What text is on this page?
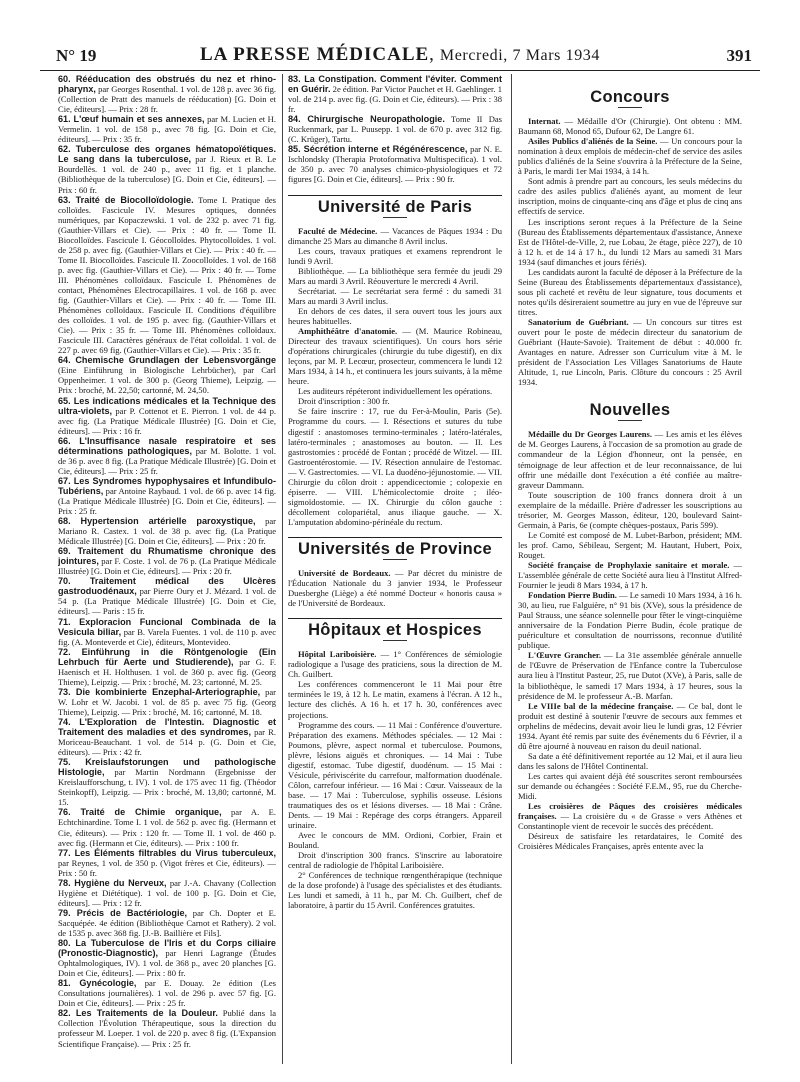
N° 19	LA PRESSE MÉDICALE, Mercredi, 7 Mars 1934	391

60. Rééducation des obstrués du nez et rhino-pharynx, par Georges Rosenthal. 1 vol. de 128 p. avec 36 fig. (Collection de Pratt des manuels de rééducation) [G. Doin et Cie, éditeurs]. — Prix : 28 fr.

61. L'œuf humain et ses annexes, par M. Lucien et H. Vermelin. 1 vol. de 158 p., avec 78 fig. [G. Doin et Cie, éditeurs]. — Prix : 35 fr.

62. Tuberculose des organes hématopoïétiques. Le sang dans la tuberculose, par J. Rieux et B. Le Bourdellès. 1 vol. de 240 p., avec 11 fig. et 1 planche. (Bibliothèque de la tuberculose) [G. Doin et Cie, éditeurs]. — Prix : 60 fr.

63. Traité de Biocolloïdologie. Tome I. Pratique des colloïdes. Fascicule IV. Mesures optiques, données numériques, par Kopaczewski. 1 vol. de 232 p. avec 71 fig. (Gauthier-Villars et Cie). — Prix : 40 fr. — Tome II. Biocolloïdes. Fascicule I. Géocolloïdes. Phytocolloïdes. 1 vol. de 258 p. avec fig. (Gauthier-Villars et Cie). — Prix : 40 fr. — Tome II. Biocolloïdes. Fascicule II. Zoocolloïdes. 1 vol. de 168 p. avec fig. (Gauthier-Villars et Cie). — Prix : 40 fr. — Tome III. Phénomènes colloïdaux. Fascicule I. Phénomènes de contact, Phénomènes Electrocapillaires. 1 vol. de 168 p. avec fig. (Gauthier-Villars et Cie). — Prix : 40 fr. — Tome III. Phénomènes colloïdaux. Fascicule II. Conditions d'équilibre des colloïdes. 1 vol. de 195 p. avec fig. (Gauthier-Villars et Cie). — Prix : 35 fr. — Tome III. Phénomènes colloïdaux. Fascicule III. Caractères généraux de l'état colloïdal. 1 vol. de 227 p. avec 69 fig. (Gauthier-Villars et Cie). — Prix : 35 fr.

64. Chemische Grundlagen der Lebensvorgänge (Eine Einführung in Biologische Lehrbücher), par Carl Oppenheimer. 1 vol. de 300 p. (Georg Thieme), Leipzig. — Prix : broché, M. 22,50; cartonné, M. 24,50.

65. Les indications médicales et la Technique des ultra-violets, par P. Cottenot et E. Pierron. 1 vol. de 44 p. avec fig. (La Pratique Médicale Illustrée) [G. Doin et Cie, éditeurs]. — Prix : 16 fr.

66. L'Insuffisance nasale respiratoire et ses déterminations pathologiques, par M. Bolotte. 1 vol. de 36 p. avec 8 fig. (La Pratique Médicale Illustrée) [G. Doin et Cie, éditeurs]. — Prix : 25 fr.

67. Les Syndromes hypophysaires et Infundibulo-Tubériens, par Antoine Raybaud. 1 vol. de 66 p. avec 14 fig. (La Pratique Médicale Illustrée) [G. Doin et Cie, éditeurs]. — Prix : 25 fr.

68. Hypertension artérielle paroxystique, par Mariano R. Castex. 1 vol. de 38 p. avec fig. (La Pratique Médicale Illustrée) [G. Doin et Cie, éditeurs]. — Prix : 20 fr.

69. Traitement du Rhumatisme chronique des jointures, par F. Coste. 1 vol. de 76 p. (La Pratique Médicale Illustrée) [G. Doin et Cie, éditeurs]. — Prix : 20 fr.

70. Traitement médical des Ulcères gastroduodénaux, par Pierre Oury et J. Mézard. 1 vol. de 54 p. (La Pratique Médicale Illustrée) [G. Doin et Cie, éditeurs]. — Paris : 15 fr.

71. Exploracion Funcional Combinada de la Vesicula biliar, par B. Varela Fuentes. 1 vol. de 110 p. avec fig. (A. Monteverde et Cie), éditeurs, Montevideo.

72. Einführung in die Röntgenologie (Ein Lehrbuch für Aerte und Studierende), par G. F. Haenisch et H. Holthusen. 1 vol. de 360 p. avec fig. (Georg Thieme), Leipzig. — Prix : broché, M. 23; cartonné, M. 25.

73. Die kombinierte Enzephal-Arteriographie, par W. Lohr et W. Jacobi. 1 vol. de 85 p. avec 75 fig. (Georg Thieme), Leipzig. — Prix : broché, M. 16; cartonné, M. 18.

74. L'Exploration de l'Intestin. Diagnostic et Traitement des maladies et des syndromes, par R. Moriceau-Beauchant. 1 vol. de 514 p. (G. Doin et Cie, éditeurs). — Prix : 42 fr.

75. Kreislaufstorungen und pathologische Histologie, par Martin Nordmann (Ergebnisse der Kreislaufforschung, t. IV). 1 vol. de 175 avec 11 fig. (Théodor Steinkopff), Leipzig. — Prix : broché, M. 13,80; cartonné, M. 15.

76. Traité de Chimie organique, par A. E. Echtchinardine. Tome I. 1 vol. de 562 p. avec fig. (Hermann et Cie, éditeurs). — Prix : 120 fr. — Tome II. 1 vol. de 460 p. avec fig. (Hermann et Cie, éditeurs). — Prix : 100 fr.

77. Les Éléments filtrables du Virus tuberculeux, par Reynes, 1 vol. de 350 p. (Vigot frères et Cie, éditeurs). — Prix : 50 fr.

78. Hygiène du Nerveux, par J.-A. Chavany (Collection Hygiène et Diététique). 1 vol. de 100 p. [G. Doin et Cie, éditeurs]. — Prix : 12 fr.

79. Précis de Bactériologie, par Ch. Dopter et E. Sacquépée. 4e édition (Bibliothèque Carnot et Rathery). 2 vol. de 1535 p. avec 368 fig. [J.-B. Baillière et Fils].

80. La Tuberculose de l'Iris et du Corps ciliaire (Pronostic-Diagnostic), par Henri Lagrange (Études Ophtalmologiques, IV). 1 vol. de 368 p., avec 20 planches [G. Doin et Cie, éditeurs]. — Prix : 80 fr.

81. Gynécologie, par E. Douay. 2e édition (Les Consultations journalières). 1 vol. de 296 p. avec 57 fig. [G. Doin et Cie, éditeurs]. — Prix : 25 fr.

82. Les Traitements de la Douleur. Publié dans la Collection l'Évolution Thérapeutique, sous la direction du professeur M. Loeper. 1 vol. de 220 p. avec 8 fig. (L'Expansion Scientifique Française). — Prix : 25 fr.

83. La Constipation. Comment l'éviter. Comment en Guérir. 2e édition. Par Victor Pauchet et H. Gaehlinger. 1 vol. de 214 p. avec fig. (G. Doin et Cie, éditeurs). — Prix : 38 fr.

84. Chirurgische Neuropathologie. Tome II Das Ruckenmark, par L. Puusepp. 1 vol. de 670 p. avec 312 fig. (C. Krüger), Tartu.

85. Sécrétion interne et Régénérescence, par N. E. Ischlondsky (Therapia Protoformativa Multispecifica). 1 vol. de 350 p. avec 70 analyses chimico-physiologiques et 72 figures [G. Doin et Cie, éditeurs]. — Prix : 90 fr.

Université de Paris

Faculté de Médecine. — Vacances de Pâques 1934 : Du dimanche 25 Mars au dimanche 8 Avril inclus.

Les cours, travaux pratiques et examens reprendront le lundi 9 Avril.

Bibliothèque. — La bibliothèque sera fermée du jeudi 29 Mars au mardi 3 Avril. Réouverture le mercredi 4 Avril.

Secrétariat. — Le secrétariat sera fermé : du samedi 31 Mars au mardi 3 Avril inclus.

En dehors de ces dates, il sera ouvert tous les jours aux heures habituelles.

Amphithéâtre d'anatomie. — (M. Maurice Robineau, Directeur des travaux scientifiques). Un cours hors série d'opérations chirurgicales (chirurgie du tube digestif), en dix leçons, par M. P. Lecœur, prosecteur, commencera le lundi 12 Mars 1934, à 14 h., et continuera les jours suivants, à la même heure.

Les auditeurs répéteront individuellement les opérations.

Droit d'inscription : 300 fr.

Se faire inscrire : 17, rue du Fer-à-Moulin, Paris (5e). Programme du cours. — I. Résections et sutures du tube digestif : anastomoses termino-terminales ; latéro-latérales, latéro-terminales ; anastomoses au bouton. — II. Les gastrostomies : procédé de Fontan ; procédé de Witzel. — III. Gastroentérostomie. — IV. Résection annulaire de l'estomac. — V. Gastrectomies. — VI. La duodéno-jéjunostomie. — VII. Chirurgie du côlon droit : appendicectomie ; colopexie en épiserre. — VIII. L'hémicolectomie droite ; iléo-sigmoïdostomie. — IX. Chirurgie du côlon gauche : décollement colopariétal, anus iliaque gauche. — X. L'amputation abdomino-périnéale du rectum.

Universités de Province

Université de Bordeaux. — Par décret du ministre de l'Éducation Nationale du 3 janvier 1934, le Professeur Duesberghe (Liège) a été nommé Docteur « honoris causa » de l'Université de Bordeaux.

Hôpitaux et Hospices

Hôpital Lariboisière. — 1° Conférences de sémiologie radiologique a l'usage des praticiens, sous la direction de M. Ch. Guilbert.

Les conférences commenceront le 11 Mai pour être terminées le 19, à 12 h. Le matin, examens à l'écran. A 12 h., lecture des clichés. A 16 h. et 17 h. 30, conférences avec projections.

Programme des cours. — 11 Mai : Conférence d'ouverture. Préparation des examens. Méthodes spéciales. — 12 Mai : Poumons, plèvre, aspect normal et tuberculose. Poumons, plèvre, lésions aiguës et chroniques. — 14 Mai : Tube digestif, estomac. Tube digestif, duodénum. — 15 Mai : Vésicule, périviscérite du carrefour, malformation duodénale. Côlon, carrefour inférieur. — 16 Mai : Cœur. Vaisseaux de la base. — 17 Mai : Tuberculose, syphilis osseuse. Lésions traumatiques des os et lésions diverses. — 18 Mai : Crâne. Dents. — 19 Mai : Repérage des corps étrangers. Appareil urinaire.

Avec le concours de MM. Ordioni, Corbier, Frain et Bouland.

Droit d'inscription 300 francs. S'inscrire au laboratoire central de radiologie de l'hôpital Lariboisière.

2° Conférences de technique rœngenthérapique (technique de la dose profonde) à l'usage des spécialistes et des étudiants. Les lundi et samedi, à 11 h., par M. Ch. Guilbert, chef de laboratoire, à partir du 15 Avril. Conférences gratuites.

Concours

Internat. — Médaille d'Or (Chirurgie). Ont obtenu : MM. Baumann 68, Monod 65, Dufour 62, De Langre 61.

Asiles Publics d'aliénés de la Seine. — Un concours pour la nomination à deux emplois de médecin-chef de service des asiles publics d'aliénés de la Seine s'ouvrira à la Préfecture de la Seine, à Paris, le mardi 1er Mai 1934, à 14 h.

Sont admis à prendre part au concours, les seuls médecins du cadre des asiles publics d'aliénés ayant, au moment de leur inscription, moins de cinquante-cinq ans d'âge et plus de cinq ans effectifs de service.

Les inscriptions seront reçues à la Préfecture de la Seine (Bureau des Établissements départementaux d'assistance, Annexe Est de l'Hôtel-de-Ville, 2, rue Lobau, 2e étage, pièce 227), de 10 à 12 h. et de 14 à 17 h., du lundi 12 Mars au samedi 31 Mars 1934 (sauf dimanches et jours fériés).

Les candidats auront la faculté de déposer à la Préfecture de la Seine (Bureau des Établissements départementaux d'assistance), sous pli cacheté et revêtu de leur signature, tous documents et notes qu'ils désireraient soumettre au jury en vue de l'épreuve sur titres.

Sanatorium de Guébriant. — Un concours sur titres est ouvert pour le poste de médecin directeur du sanatorium de Guébriant (Haute-Savoie). Traitement de début : 40.000 fr. Avantages en nature. Adresser son Curriculum vitæ à M. le président de l'Association Les Villages Sanatoriums de Haute Altitude, 1, rue Lincoln, Paris. Clôture du concours : 25 Avril 1934.

Nouvelles

Médaille du Dr Georges Laurens. — Les amis et les élèves de M. Georges Laurens, à l'occasion de sa promotion au grade de commandeur de la Légion d'honneur, ont la pensée, en témoignage de leur affection et de leur reconnaissance, de lui offrir une médaille dont l'exécution a été confiée au maître-graveur Dammann.

Toute souscription de 100 francs donnera droit à un exemplaire de la médaille. Prière d'adresser les souscriptions au trésorier, M. Georges Masson, éditeur, 120, boulevard Saint-Germain, à Paris, 6e (compte chèques-postaux, Paris 599).

Le Comité est composé de M. Lubet-Barbon, président; MM. les prof. Camo, Sébileau, Sergent; M. Hautant, Hubert, Poix, Rouget.

Société française de Prophylaxie sanitaire et morale. — L'assemblée générale de cette Société aura lieu à l'Institut Alfred-Fournier le jeudi 8 Mars 1934, à 17 h.

Fondation Pierre Budin. — Le samedi 10 Mars 1934, à 16 h. 30, au lieu, rue Falguière, n° 91 bis (XVe), sous la présidence de Paul Strauss, une séance solennelle pour fêter le vingt-cinquième anniversaire de la Fondation Pierre Budin, école pratique de puériculture et consultation de nourrissons, reconnue d'utilité publique.

L'Œuvre Grancher. — La 31e assemblée générale annuelle de l'Œuvre de Préservation de l'Enfance contre la Tuberculose aura lieu à l'Institut Pasteur, 25, rue Dutot (XVe), à Paris, salle de la bibliothèque, le samedi 17 Mars 1934, à 17 heures, sous la présidence de M. le professeur A.-B. Marfan.

Le VIIIe bal de la médecine française. — Ce bal, dont le produit est destiné à soutenir l'œuvre de secours aux femmes et orphelins de médecins, devait avoir lieu le lundi gras, 12 Février 1934. Ayant été remis par suite des événements du 6 Février, il a dû être ajourné à nouveau en raison du deuil national.

Sa date a été définitivement reportée au 12 Mai, et il aura lieu dans les salons de l'Hôtel Continental.

Les cartes qui avaient déjà été souscrites seront remboursées sur demande ou échangées : Société F.E.M., 95, rue du Cherche-Midi.

Les croisières de Pâques des croisières médicales françaises. — La croisière du « de Grasse » vers Athènes et Constantinople vient de recevoir le succès des précédent.

Désireux de satisfaire les retardataires, le Comité des Croisières Médicales Françaises, après entente avec la
